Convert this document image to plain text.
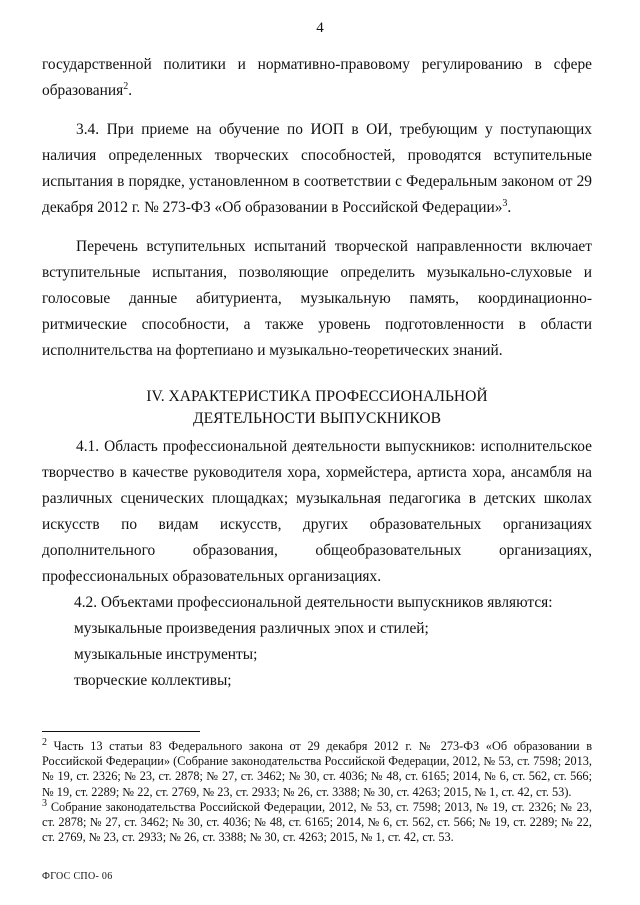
4

государственной политики и нормативно-правовому регулированию в сфере образования$^2$.

3.4. При приеме на обучение по ИОП в ОИ, требующим у поступающих наличия определенных творческих способностей, проводятся вступительные испытания в порядке, установленном в соответствии с Федеральным законом от 29 декабря 2012 г. № 273-ФЗ «Об образовании в Российской Федерации»$^3$.

Перечень вступительных испытаний творческой направленности включает вступительные испытания, позволяющие определить музыкально-слуховые и голосовые данные абитуриента, музыкальную память, координационно-ритмические способности, а также уровень подготовленности в области исполнительства на фортепиано и музыкально-теоретических знаний.

IV. ХАРАКТЕРИСТИКА ПРОФЕССИОНАЛЬНОЙ
ДЕЯТЕЛЬНОСТИ ВЫПУСКНИКОВ

4.1. Область профессиональной деятельности выпускников: исполнительское творчество в качестве руководителя хора, хормейстера, артиста хора, ансамбля на различных сценических площадках; музыкальная педагогика в детских школах искусств по видам искусств, других образовательных организациях дополнительного образования, общеобразовательных организациях, профессиональных образовательных организациях.

4.2. Объектами профессиональной деятельности выпускников являются:

музыкальные произведения различных эпох и стилей;

музыкальные инструменты;

творческие коллективы;

$^2$ Часть 13 статьи 83 Федерального закона от 29 декабря 2012 г. № 273-ФЗ «Об образовании в Российской Федерации» (Собрание законодательства Российской Федерации, 2012, № 53, ст. 7598; 2013, № 19, ст. 2326; № 23, ст. 2878; № 27, ст. 3462; № 30, ст. 4036; № 48, ст. 6165; 2014, № 6, ст. 562, ст. 566; № 19, ст. 2289; № 22, ст. 2769, № 23, ст. 2933; № 26, ст. 3388; № 30, ст. 4263; 2015, № 1, ст. 42, ст. 53).

$^3$ Собрание законодательства Российской Федерации, 2012, № 53, ст. 7598; 2013, № 19, ст. 2326; № 23, ст. 2878; № 27, ст. 3462; № 30, ст. 4036; № 48, ст. 6165; 2014, № 6, ст. 562, ст. 566; № 19, ст. 2289; № 22, ст. 2769, № 23, ст. 2933; № 26, ст. 3388; № 30, ст. 4263; 2015, № 1, ст. 42, ст. 53.

ФГОС СПО- 06
